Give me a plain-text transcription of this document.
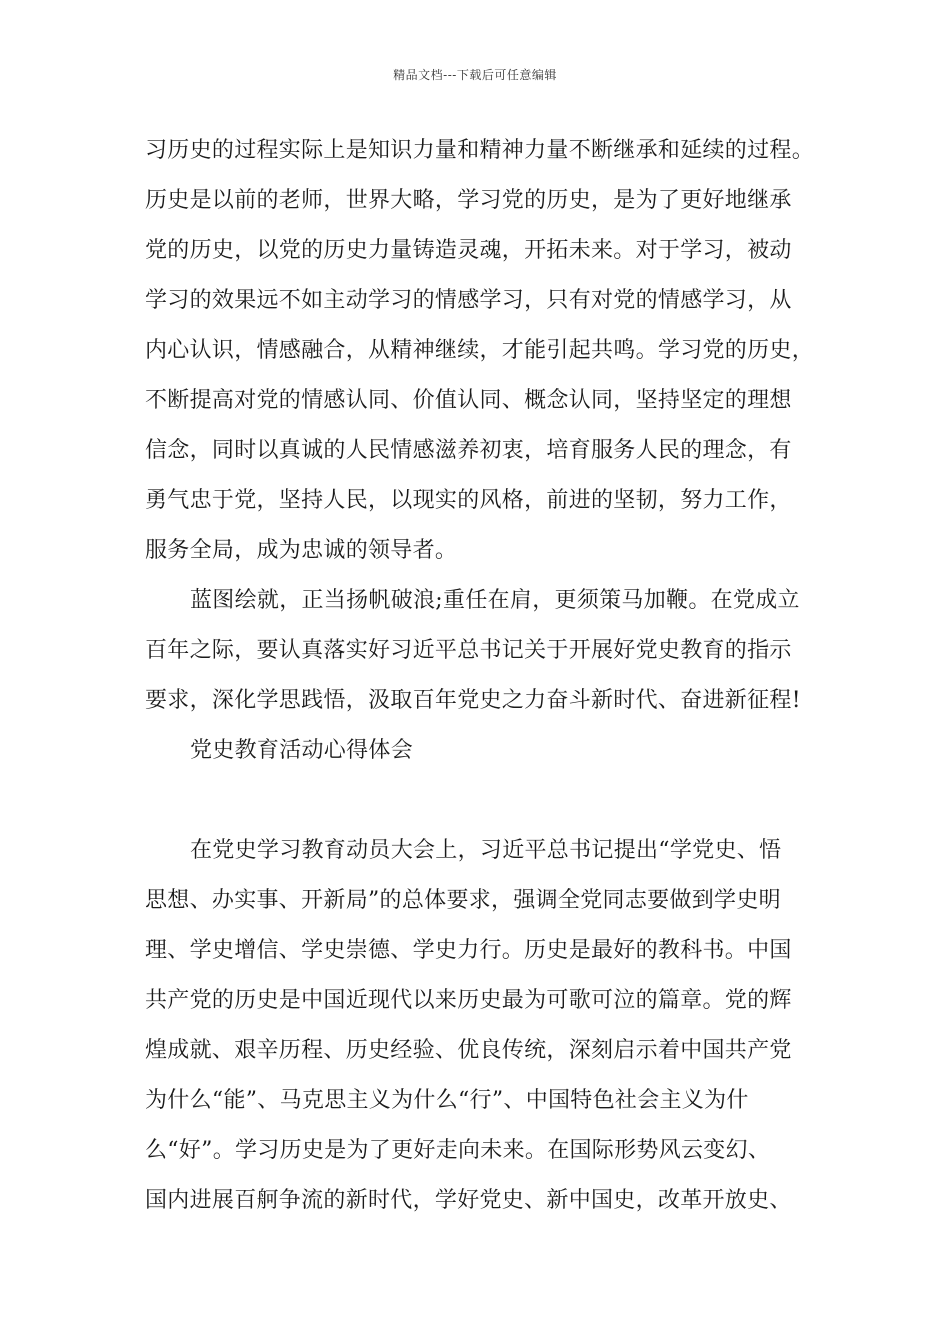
精品文档---下载后可任意编辑
习历史的过程实际上是知识力量和精神力量不断继承和延续的过程。
历史是以前的老师，世界大略，学习党的历史，是为了更好地继承
党的历史，以党的历史力量铸造灵魂，开拓未来。对于学习，被动
学习的效果远不如主动学习的情感学习，只有对党的情感学习，从
内心认识，情感融合，从精神继续，才能引起共鸣。学习党的历史，
不断提高对党的情感认同、价值认同、概念认同，坚持坚定的理想
信念，同时以真诚的人民情感滋养初衷，培育服务人民的理念，有
勇气忠于党，坚持人民，以现实的风格，前进的坚韧，努力工作，
服务全局，成为忠诚的领导者。
蓝图绘就，正当扬帆破浪;重任在肩，更须策马加鞭。在党成立
百年之际，要认真落实好习近平总书记关于开展好党史教育的指示
要求，深化学思践悟，汲取百年党史之力奋斗新时代、奋进新征程!
党史教育活动心得体会
在党史学习教育动员大会上，习近平总书记提出“学党史、悟
思想、办实事、开新局”的总体要求，强调全党同志要做到学史明
理、学史增信、学史崇德、学史力行。历史是最好的教科书。中国
共产党的历史是中国近现代以来历史最为可歌可泣的篇章。党的辉
煌成就、艰辛历程、历史经验、优良传统，深刻启示着中国共产党
为什么“能”、马克思主义为什么“行”、中国特色社会主义为什
么“好”。学习历史是为了更好走向未来。在国际形势风云变幻、
国内进展百舸争流的新时代，学好党史、新中国史，改革开放史、
